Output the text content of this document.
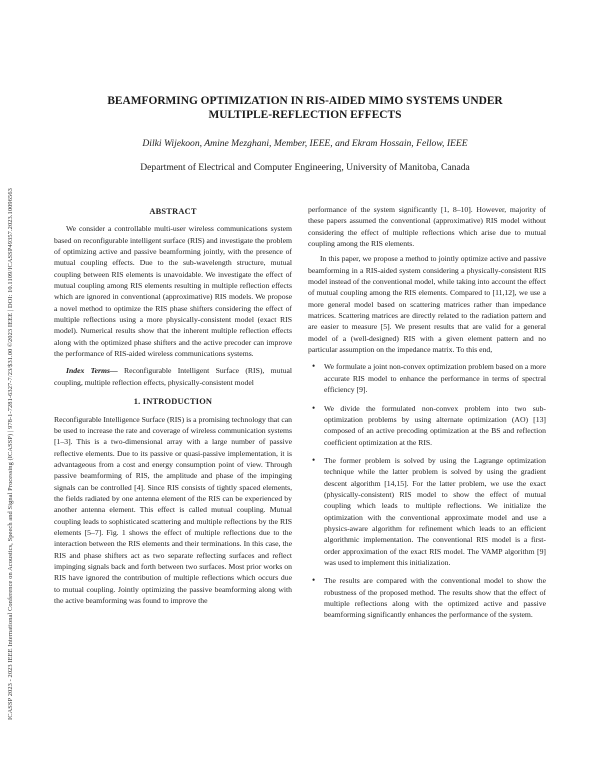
ICASSP 2023 - 2023 IEEE International Conference on Acoustics, Speech and Signal Processing (ICASSP) | 978-1-7281-6327-7/23/$31.00 ©2023 IEEE | DOI: 10.1109/ICASSP49357.2023.10096563
BEAMFORMING OPTIMIZATION IN RIS-AIDED MIMO SYSTEMS UNDER
MULTIPLE-REFLECTION EFFECTS
Dilki Wijekoon, Amine Mezghani, Member, IEEE, and Ekram Hossain, Fellow, IEEE
Department of Electrical and Computer Engineering, University of Manitoba, Canada
ABSTRACT

We consider a controllable multi-user wireless communications system based on reconfigurable intelligent surface (RIS) and investigate the problem of optimizing active and passive beamforming jointly, with the presence of mutual coupling effects. Due to the sub-wavelength structure, mutual coupling between RIS elements is unavoidable. We investigate the effect of mutual coupling among RIS elements resulting in multiple reflection effects which are ignored in conventional (approximative) RIS models. We propose a novel method to optimize the RIS phase shifters considering the effect of multiple reflections using a more physically-consistent model (exact RIS model). Numerical results show that the inherent multiple reflection effects along with the optimized phase shifters and the active precoder can improve the performance of RIS-aided wireless communications systems.

Index Terms— Reconfigurable Intelligent Surface (RIS), mutual coupling, multiple reflection effects, physically-consistent model

1. INTRODUCTION

Reconfigurable Intelligence Surface (RIS) is a promising technology that can be used to increase the rate and coverage of wireless communication systems [1–3]. This is a two-dimensional array with a large number of passive reflective elements. Due to its passive or quasi-passive implementation, it is advantageous from a cost and energy consumption point of view. Through passive beamforming of RIS, the amplitude and phase of the impinging signals can be controlled [4]. Since RIS consists of tightly spaced elements, the fields radiated by one antenna element of the RIS can be experienced by another antenna element. This effect is called mutual coupling. Mutual coupling leads to sophisticated scattering and multiple reflections by the RIS elements [5–7]. Fig. 1 shows the effect of multiple reflections due to the interaction between the RIS elements and their terminations. In this case, the RIS and phase shifters act as two separate reflecting surfaces and reflect impinging signals back and forth between two surfaces. Most prior works on RIS have ignored the contribution of multiple reflections which occurs due to mutual coupling. Jointly optimizing the passive beamforming along with the active beamforming was found to improve the

performance of the system significantly [1, 8–10]. However, majority of these papers assumed the conventional (approximative) RIS model without considering the effect of multiple reflections which arise due to mutual coupling among the RIS elements.

In this paper, we propose a method to jointly optimize active and passive beamforming in a RIS-aided system considering a physically-consistent RIS model instead of the conventional model, while taking into account the effect of mutual coupling among the RIS elements. Compared to [11,12], we use a more general model based on scattering matrices rather than impedance matrices. Scattering matrices are directly related to the radiation pattern and are easier to measure [5]. We present results that are valid for a general model of a (well-designed) RIS with a given element pattern and no particular assumption on the impedance matrix. To this end,

• We formulate a joint non-convex optimization problem based on a more accurate RIS model to enhance the performance in terms of spectral efficiency [9].
• We divide the formulated non-convex problem into two sub-optimization problems by using alternate optimization (AO) [13] composed of an active precoding optimization at the BS and reflection coefficient optimization at the RIS.
• The former problem is solved by using the Lagrange optimization technique while the latter problem is solved by using the gradient descent algorithm [14,15]. For the latter problem, we use the exact (physically-consistent) RIS model to show the effect of mutual coupling which leads to multiple reflections. We initialize the optimization with the conventional approximate model and use a physics-aware algorithm for refinement which leads to an efficient algorithmic implementation. The conventional RIS model is a first-order approximation of the exact RIS model. The VAMP algorithm [9] was used to implement this initialization.
• The results are compared with the conventional model to show the robustness of the proposed method. The results show that the effect of multiple reflections along with the optimized active and passive beamforming significantly enhances the performance of the system.
